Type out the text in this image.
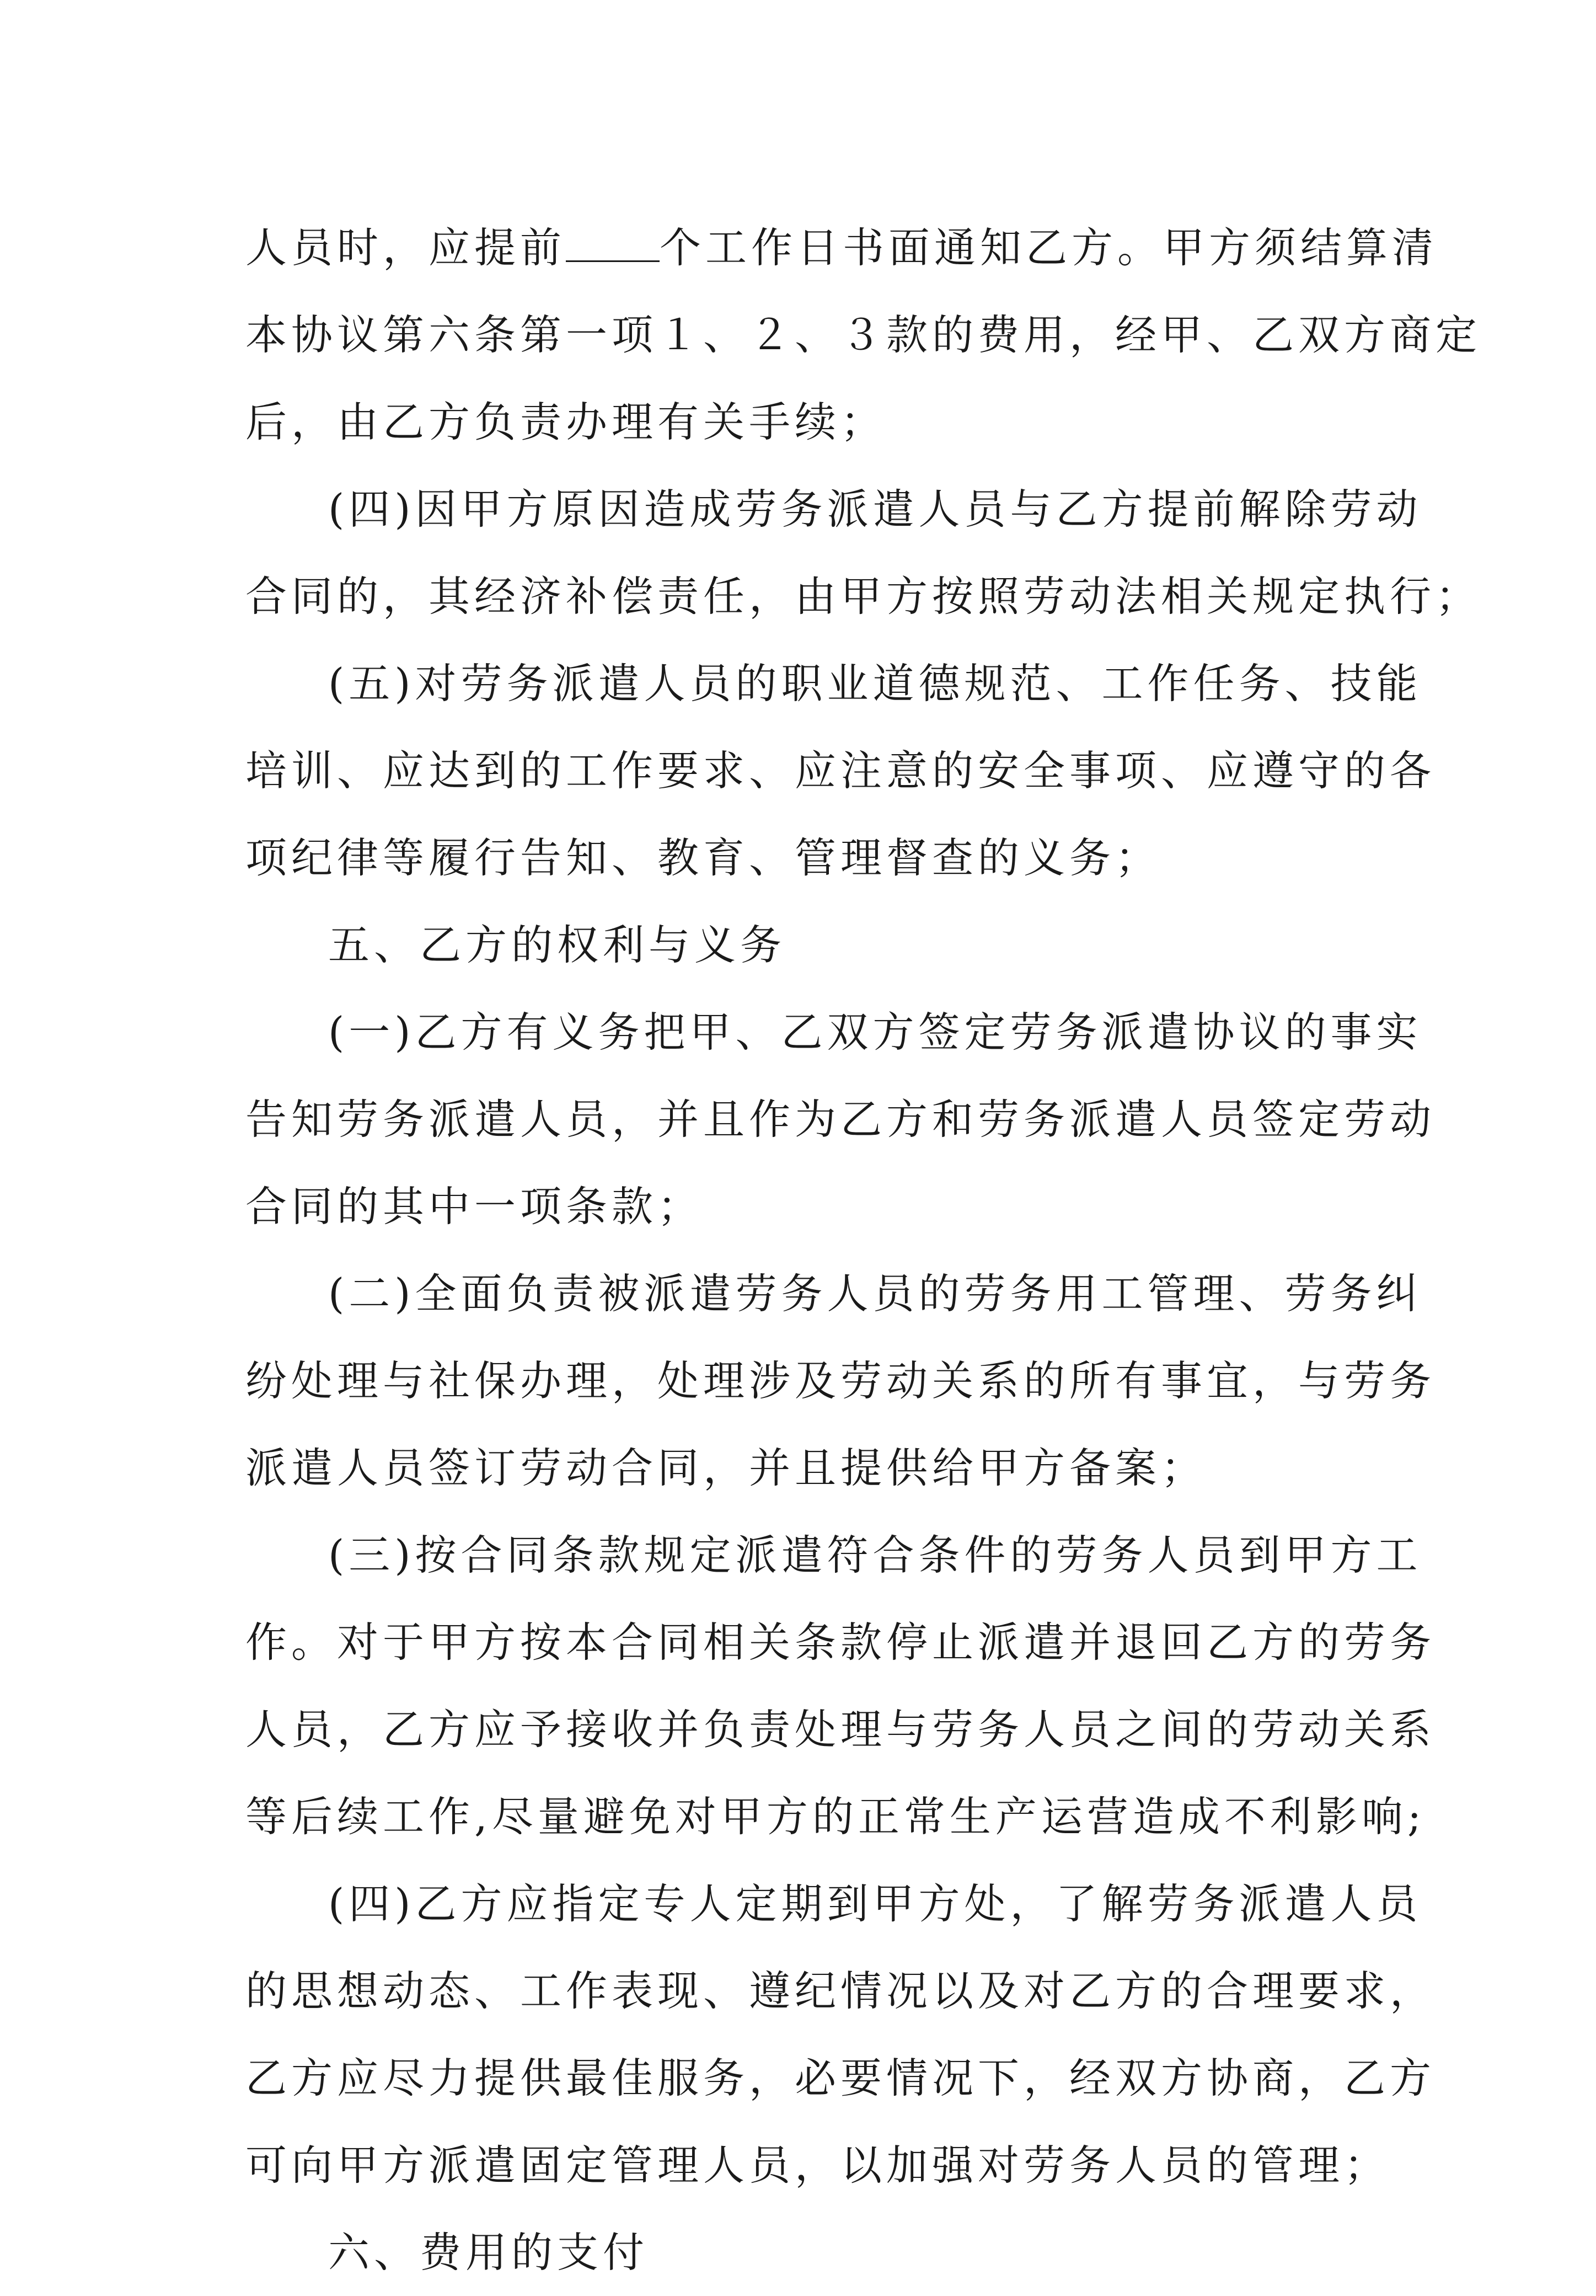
人员时，应提前 个工作日书面通知乙方。甲方须结算清
本协议第六条第一项１、２、３款的费用，经甲、乙双方商定
后，由乙方负责办理有关手续；
(四)因甲方原因造成劳务派遣人员与乙方提前解除劳动
合同的，其经济补偿责任，由甲方按照劳动法相关规定执行；
(五)对劳务派遣人员的职业道德规范、工作任务、技能
培训、应达到的工作要求、应注意的安全事项、应遵守的各
项纪律等履行告知、教育、管理督查的义务；
五、乙方的权利与义务
(一)乙方有义务把甲、乙双方签定劳务派遣协议的事实
告知劳务派遣人员，并且作为乙方和劳务派遣人员签定劳动
合同的其中一项条款；
(二)全面负责被派遣劳务人员的劳务用工管理、劳务纠
纷处理与社保办理，处理涉及劳动关系的所有事宜，与劳务
派遣人员签订劳动合同，并且提供给甲方备案；
(三)按合同条款规定派遣符合条件的劳务人员到甲方工
作。对于甲方按本合同相关条款停止派遣并退回乙方的劳务
人员，乙方应予接收并负责处理与劳务人员之间的劳动关系
等后续工作,尽量避免对甲方的正常生产运营造成不利影响;
(四)乙方应指定专人定期到甲方处，了解劳务派遣人员
的思想动态、工作表现、遵纪情况以及对乙方的合理要求，
乙方应尽力提供最佳服务，必要情况下，经双方协商，乙方
可向甲方派遣固定管理人员，以加强对劳务人员的管理；
六、费用的支付
